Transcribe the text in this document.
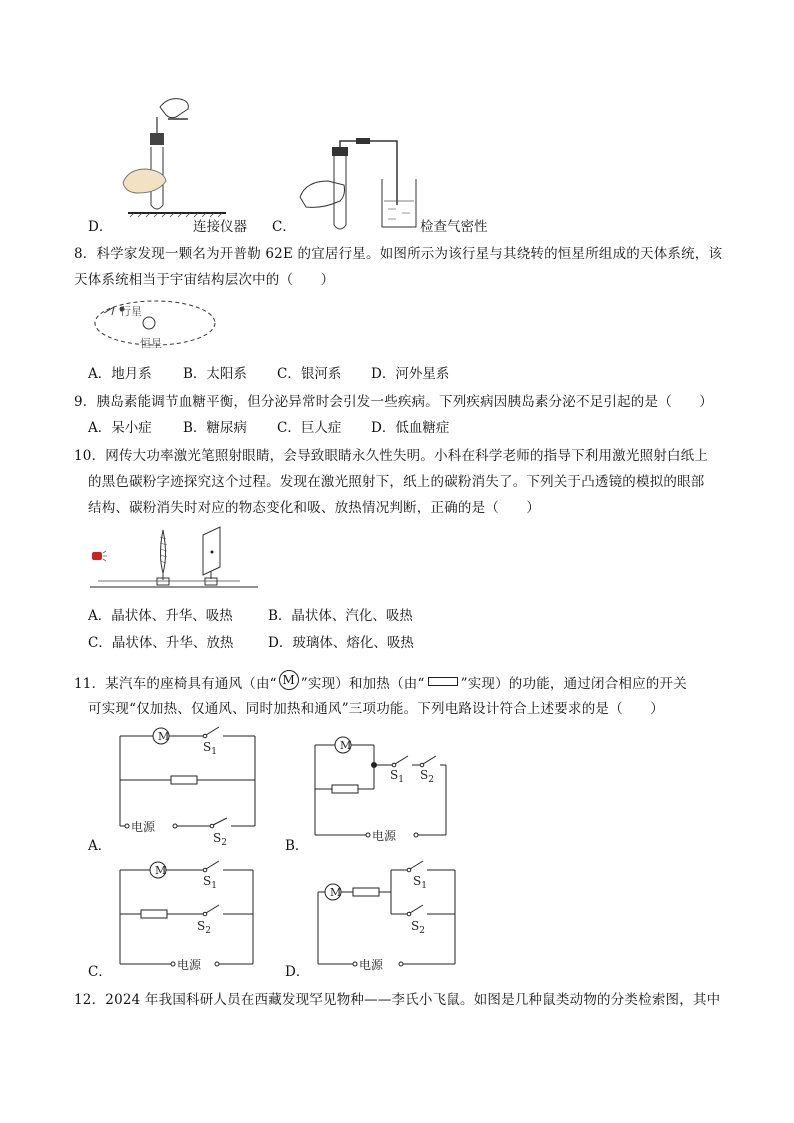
D．	连接仪器 C．	检查气密性
8．科学家发现一颗名为开普勒 62E 的宜居行星。如图所示为该行星与其绕转的恒星所组成的天体系统，该
天体系统相当于宇宙结构层次中的（　　）
行星
恒星
A．地月系 B．太阳系 C．银河系 D．河外星系
9．胰岛素能调节血糖平衡，但分泌异常时会引发一些疾病。下列疾病因胰岛素分泌不足引起的是（　　）
A．呆小症 B．糖尿病 C．巨人症 D．低血糖症
10．网传大功率激光笔照射眼睛，会导致眼睛永久性失明。小科在科学老师的指导下利用激光照射白纸上
的黑色碳粉字迹探究这个过程。发现在激光照射下，纸上的碳粉消失了。下列关于凸透镜的模拟的眼部
结构、碳粉消失时对应的物态变化和吸、放热情况判断，正确的是（　　）
A．晶状体、升华、吸热	B．晶状体、汽化、吸热
C．晶状体、升华、放热	D．玻璃体、熔化、吸热
11．某汽车的座椅具有通风（由“ M ”实现）和加热（由“	”实现）的功能，通过闭合相应的开关
可实现“仅加热、仅通风、同时加热和通风”三项功能。下列电路设计符合上述要求的是（　　）
M
$S_1$
电源
$S_2$
A．
M
$S_1$ $S_2$
电源
B．
M
$S_1$
$S_2$
电源
C．
M
$S_1$
$S_2$
电源
D．
12．2024 年我国科研人员在西藏发现罕见物种——李氏小飞鼠。如图是几种鼠类动物的分类检索图，其中
